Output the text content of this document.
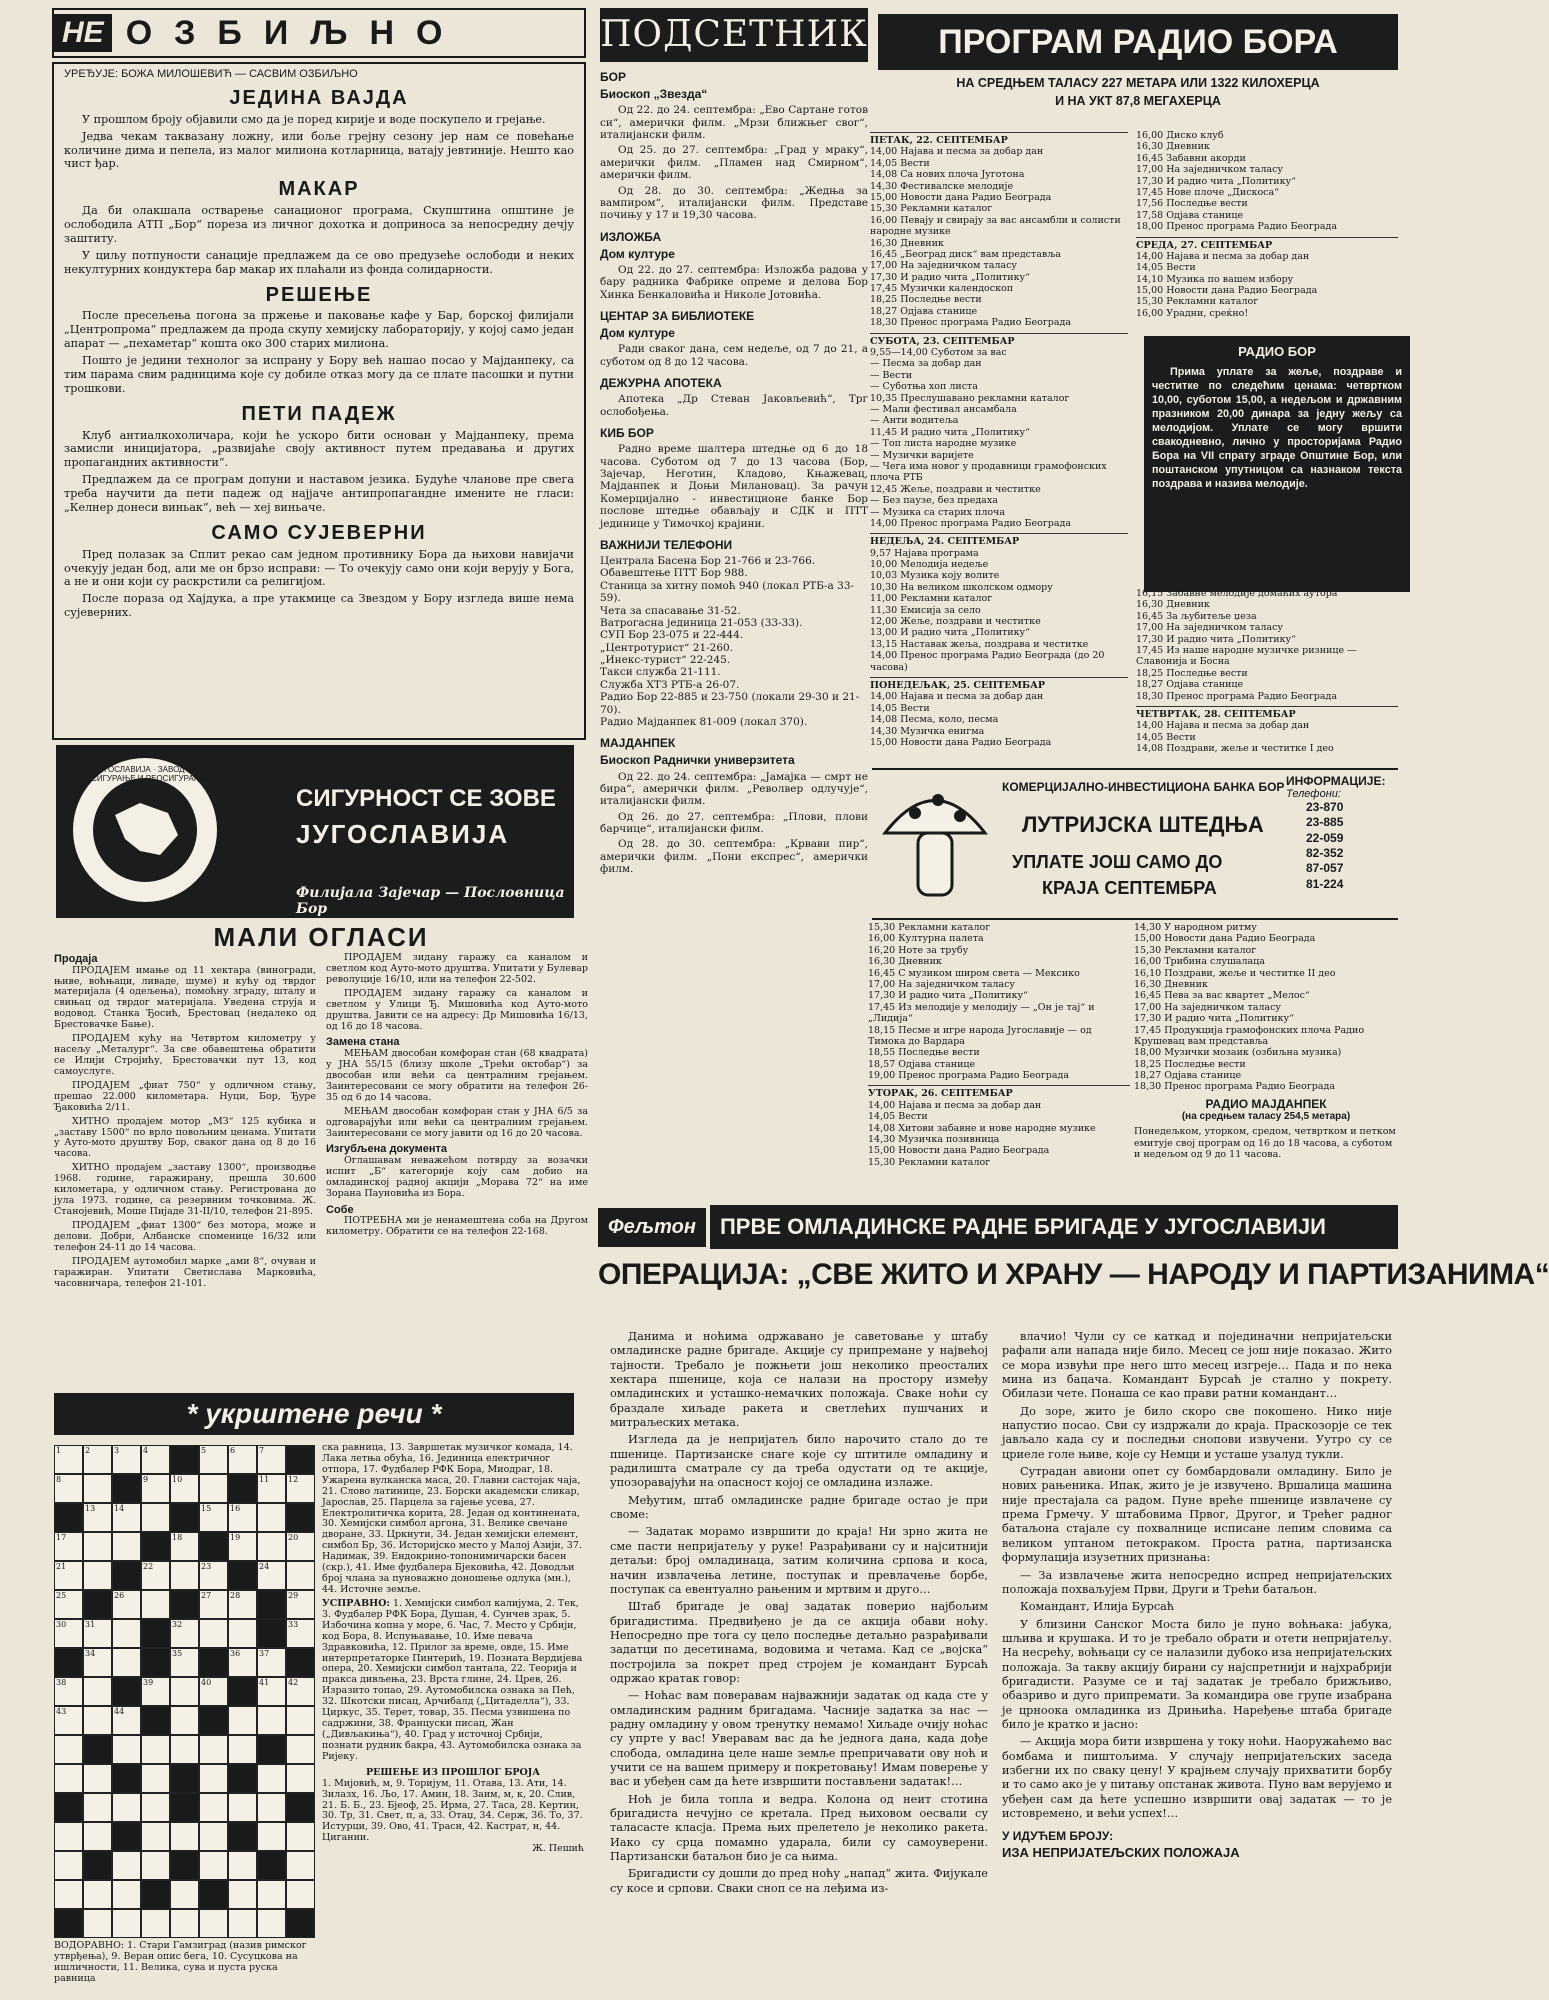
НЕ ОЗБИЉНО
УРЕЂУЈЕ: БОЖА МИЛОШЕВИЋ — САСВИМ ОЗБИЉНО
ЈЕДИНА ВАЈДА

У прошлом броју објавили смо да је поред кирије и воде поскупело и грејање.

Једва чекам таквазану ложну, или боље грејну сезону јер нам се повећање количине дима и пепела, из малог милиона котларница, ватају јевтиније. Нешто као чист ђар.

МАКАР

Да би олакшала остварење санационог програма, Скупштина општине је ослободила АТП „Бор“ пореза из личног дохотка и доприноса за непосредну дечју заштиту.

У циљу потпуности санације предлажем да се ово предузеће ослободи и неких некултурних кондуктера бар макар их плаћали из фонда солидарности.

РЕШЕЊЕ

После пресељења погона за пржење и паковање кафе у Бар, борској филијали „Центропрома“ предлажем да прода скупу хемијску лабораторију, у којој само један апарат — „пехаметар“ кошта око 300 старих милиона.

Пошто је једини технолог за испрану у Бору већ нашао посао у Мајданпеку, са тим парама свим радницима које су добиле отказ могу да се плате пасошки и путни трошкови.

ПЕТИ ПАДЕЖ

Клуб антиалкохоличара, који ће ускоро бити основан у Мајданпеку, према замисли иницијатора, „развијаће своју активност путем предавања и других пропагандних активности“.

Предлажем да се програм допуни и наставом језика. Будуће чланове пре свега треба научити да пети падеж од најјаче антипропагандне имените не гласи: „Келнер донеси виньак“, већ — хеј виньаче.

САМО СУЈЕВЕРНИ

Пред полазак за Сплит рекао сам једном противнику Бора да њихови навијачи очекују један бод, али ме он брзо исправи: — То очекују само они који верују у Бога, а не и они који су раскрстили са религијом.

После пораза од Хајдука, а пре утакмице са Звездом у Бору изгледа више нема сујеверних.

ЈУГОСЛАВИЈА · ЗАВОД ЗА ОСИГУРАЊЕ И РЕОСИГУРАЊЕ
СИГУРНОСТ СЕ ЗОВЕ
ЈУГОСЛАВИЈА
Филијала Зајечар — Пословница Бор
МАЛИ ОГЛАСИ
Продаја

ПРОДАЈЕМ имање од 11 хектара (виногради, њиве, воћњаци, ливаде, шуме) и кућу од тврдог материјала (4 одељења), помоћну зграду, шталу и свињац од тврдог материјала. Уведена струја и водовод. Станка Ђосић, Брестовац (недалеко од Брестовачке Бање).

ПРОДАЈЕМ кућу на Четвртом километру у насељу „Металург“. За све обавештења обратити се Илији Стројићу, Брестовачки пут 13, код самоуслуге.

ПРОДАЈЕМ „фиат 750“ у одличном стању, прешао 22.000 километара. Нуци, Бор, Ђуре Ђаковића 2/11.

ХИТНО продајем мотор „МЗ“ 125 кубика и „заставу 1500“ по врло повољним ценама. Упитати у Ауто-мото друштву Бор, сваког дана од 8 до 16 часова.

ХИТНО продајем „заставу 1300“, производње 1968. године, гаражирану, прешла 30.600 километара, у одличном стању. Регистрована до јула 1973. године, са резервним точковима. Ж. Станојевић, Моше Пијаде 31-II/10, телефон 21-895.

ПРОДАЈЕМ „фиат 1300“ без мотора, може и делови. Добри, Албанске споменице 16/32 или телефон 24-11 до 14 часова.

ПРОДАЈЕМ аутомобил марке „ами 8“, очуван и гаражиран. Упитати Светислава Марковића, часовничара, телефон 21-101.

ПРОДАЈЕМ зидану гаражу са каналом и светлом код Ауто-мото друштва. Упитати у Булевар револуције 16/10, или на телефон 22-502.

ПРОДАЈЕМ зидану гаражу са каналом и светлом у Улици Ђ. Мишовића код Ауто-мото друштва. Јавити се на адресу: Др Мишовића 16/13, од 16 до 18 часова.

Замена стана

МЕЊАМ двособан комфоран стан (68 квадрата) у ЈНА 55/15 (близу школе „Трећи октобар“) за двособан или већи са централним грејањем. Заинтересовани се могу обратити на телефон 26-35 од 6 до 14 часова.

МЕЊАМ двособан комфоран стан у ЈНА 6/5 за одговарајући или већи са централним грејањем. Заинтересовани се могу јавити од 16 до 20 часова.

Изгубљена документа

Оглашавам неважећом потврду за возачки испит „Б“ категорије коју сам добио на омладинској радној акцији „Морава 72“ на име Зорана Пауновића из Бора.

Собе

ПОТРЕБНА ми је ненамештена соба на Другом километру. Обратити се на телефон 22-168.

* укрштене речи *
1	2	3	4	5	6	7
8	9	10	11 12
13 14	15 16
17	18	19	20
21	22	23	24
25	26	27 28	29
30 31	32	33
34	35	36 37
38	39	40	41 42
43	44
ска равница, 13. Завршетак музичког комада, 14. Лака летња обућа, 16. Јединица електричног отпора, 17. Фудбалер РФК Бора, Миодраг, 18. Ужарена вулканска маса, 20. Главни састојак чаја, 21. Слово латинице, 23. Борски академски сликар, Јарослав, 25. Парцела за гајење усева, 27. Електролитичка корита, 28. Један од континената, 30. Хемијски симбол аргона, 31. Велике свечане дворане, 33. Цркнути, 34. Један хемијски елемент, симбол Бр, 36. Историјско место у Малој Азији, 37. Надимак, 39. Ендокрино-топонимичарски басен (скр.), 41. Име фудбалера Бјековића, 42. Доводљи број члана за пуноважно доношење одлука (мн.), 44. Источне земље.
УСПРАВНО: 1. Хемијски симбол калијума, 2. Тек, 3. Фудбалер РФК Бора, Душан, 4. Сунчев зрак, 5. Избочина копна у море, 6. Час, 7. Место у Србији, код Бора, 8. Испуњавање, 10. Име певача Здравковића, 12. Прилог за време, овде, 15. Име интерпретаторке Пинтерић, 19. Позната Вердијева опера, 20. Хемијски симбол тантала, 22. Теорија и пракса дивљења, 23. Врста глине, 24. Црев, 26. Изразито топао, 29. Аутомобилска ознака за Пећ, 32. Шкотски писац, Арчибалд („Цитаделла“), 33. Циркус, 35. Терет, товар, 35. Песма узвишена по садржини, 38. Француски писац, Жан („Дивљакиња“), 40. Град у источној Србији, познати рудник бакра, 43. Аутомобилска ознака за Ријеку.
РЕШЕЊЕ ИЗ ПРОШЛОГ БРОЈА
1. Мијовић, м, 9. Торијум, 11. Отава, 13. Ати, 14. Зилазх, 16. Љо, 17. Амин, 18. Заим, м, к, 20. Слив, 21. Б. Б., 23. Бјеоф, 25. Ирма, 27. Таса, 28. Кертин, 30. Тр, 31. Свет, п, а, 33. Отаџ, 34. Серж, 36. То, 37. Истурци, 39. Ово, 41. Трасн, 42. Кастрат, н, 44. Цигании.
Ж. Пешић
ВОДОРАВНО: 1. Стари Гамзиград (назив римског утврђења), 9. Веран опис бега, 10. Сусуцкова на ишличности, 11. Велика, сува и пуста рускa равница
ПОДСЕТНИК
БОР
Биоскоп „Звезда“

Од 22. до 24. септембра: „Ево Сартане готов си“, амерички филм. „Мрзи ближњег свог“, италијански филм.

Од 25. до 27. септембра: „Град у мраку“, амерички филм. „Пламен над Смирном“, амерички филм.

Од 28. до 30. септембра: „Жедња за вампиром“, италијански филм. Представе почињу у 17 и 19,30 часова.

ИЗЛОЖБА
Дом културе

Од 22. до 27. септембра: Изложба радова у бару радника Фабрике опреме и делова Бор Хинка Бенкаловића и Николе Јотовића.

ЦЕНТАР ЗА БИБЛИОТЕКЕ
Дом културе

Ради сваког дана, сем недеље, од 7 до 21, а суботом од 8 до 12 часова.

ДЕЖУРНА АПОТЕКА

Апотека „Др Стеван Јаковљевић“, Трг ослобођења.

КИБ БОР

Радно време шалтера штедње од 6 до 18 часова. Суботом од 7 до 13 часова (Бор, Зајечар, Неготин, Кладово, Књажевац, Мајданпек и Доњи Милановац). За рачун Комерцијално - инвестиционе банке Бор послове штедње обављају и СДК и ПТТ јединице у Тимочкој крајини.

ВАЖНИЈИ ТЕЛЕФОНИ
Централа Басена Бор 21-766 и 23-766.
Обавештење ПТТ Бор 988.
Станица за хитну помоћ 940 (локал РТБ-а 33-59).
Чета за спасавање 31-52.
Ватрогасна јединица 21-053 (33-33).
СУП Бор 23-075 и 22-444.
„Центротурист“ 21-260.
„Инекс-турист“ 22-245.
Такси служба 21-111.
Служба ХТЗ РТБ-а 26-07.
Радио Бор 22-885 и 23-750 (локали 29-30 и 21-70).
Радио Мајданпек 81-009 (локал 370).
МАЈДАНПЕК
Биоскоп Раднички универзитета

Од 22. до 24. септембра: „Јамајка — смрт не бира“, амерички филм. „Револвер одлучује“, италијански филм.

Од 26. до 27. септембра: „Плови, плови барчице“, италијански филм.

Од 28. до 30. септембра: „Крвави пир“, амерички филм. „Пони експрес“, амерички филм.

ПРОГРАМ РАДИО БОРА
НА СРЕДЊЕМ ТАЛАСУ 227 МЕТАРА ИЛИ 1322 КИЛОХЕРЦА
И НА УКТ 87,8 МЕГАХЕРЦА
ПЕТАК, 22. СЕПТЕМБАР
14,00 Најава и песма за добар дан
14,05 Вести
14,08 Са нових плоча Југотона
14,30 Фестивалске мелодије
15,00 Новости дана Радио Београда
15,30 Рекламни каталог
16,00 Певају и свирају за вас ансамбли и солисти народне музике
16,30 Дневник
16,45 „Београд диск“ вам представља
17,00 На заједничком таласу
17,30 И радио чита „Политику“
17,45 Музички календоскоп
18,25 Последње вести
18,27 Одјава станице
18,30 Пренос програма Радио Београда
СУБОТА, 23. СЕПТЕМБАР
9,55—14,00 Суботом за вас
— Песма за добар дан
— Вести
— Суботња хоп листа
10,35 Преслушавано рекламни каталог
— Мали фестивал ансамбала
— Анти водитеља
11,45 И радио чита „Политику“
— Топ листа народне музике
— Музички варијете
— Чега има новог у продавници грамофонских плоча РТБ
12,45 Жеље, поздрави и честитке
— Без паузе, без предаха
— Музика са старих плоча
14,00 Пренос програма Радио Београда
НЕДЕЉА, 24. СЕПТЕМБАР
9,57 Најава програма
10,00 Мелодија недеље
10,03 Музика коју волите
10,30 На великом школском одмору
11,00 Рекламни каталог
11,30 Емисија за село
12,00 Жеље, поздрави и честитке
13,00 И радио чита „Политику“
13,15 Наставак жеља, поздрава и честитке
14,00 Пренос програма Радио Београда (до 20 часова)
ПОНЕДЕЉАК, 25. СЕПТЕМБАР
14,00 Најава и песма за добар дан
14,05 Вести
14,08 Песма, коло, песма
14,30 Музичка енигма
15,00 Новости дана Радио Београда
16,00 Диско клуб
16,30 Дневник
16,45 Забавни акорди
17,00 На заједничком таласу
17,30 И радио чита „Политику“
17,45 Нове плоче „Дискоса“
17,56 Последње вести
17,58 Одјава станице
18,00 Пренос програма Радио Београда
СРЕДА, 27. СЕПТЕМБАР
14,00 Најава и песма за добар дан
14,05 Вести
14,10 Музика по вашем избору
15,00 Новости дана Радио Београда
15,30 Рекламни каталог
16,00 Урадни, среќно!
РАДИО БОР

Прима уплате за жеље, поздраве и честитке по следећим ценама: четвртком 10,00, суботом 15,00, а недељом и државним празником 20,00 динара за једну жељу са мелодијом. Уплате се могу вршити свакодневно, лично у просторијама Радио Бора на VII спрату зграде Општине Бор, или поштанском упутницом са назнаком текста поздрава и назива мелодије.

16,15 Забавне мелодије домаћих аутора
16,30 Дневник
16,45 За љубитеље џеза
17,00 На заједничком таласу
17,30 И радио чита „Политику“
17,45 Из наше народне музичке ризнице — Славонија и Босна
18,25 Последње вести
18,27 Одјава станице
18,30 Пренос програма Радио Београда
ЧЕТВРТАК, 28. СЕПТЕМБАР
14,00 Најава и песма за добар дан
14,05 Вести
14,08 Поздрави, жеље и честитке I део
КОМЕРЦИЈАЛНО-ИНВЕСТИЦИОНА БАНКА БОР
ЛУТРИЈСКА ШТЕДЊА
УПЛАТЕ ЈОШ САМО ДО
КРАЈА СЕПТЕМБРА
ИНФОРМАЦИЈЕ:
Телефони:
23-870
23-885
22-059
82-352
87-057
81-224
15,30 Рекламни каталог
16,00 Културна палета
16,20 Ноте за трубу
16,30 Дневник
16,45 С музиком широм света — Мексико
17,00 На заједничком таласу
17,30 И радио чита „Политику“
17,45 Из мелодије у мелодију — „Он је тај“ и „Лидија“
18,15 Песме и игре народа Југославије — од Тимока до Вардара
18,55 Последње вести
18,57 Одјава станице
19,00 Пренос програма Радио Београда
УТОРАК, 26. СЕПТЕМБАР
14,00 Најава и песма за добар дан
14,05 Вести
14,08 Хитови забавне и нове народне музике
14,30 Музичка позивница
15,00 Новости дана Радио Београда
15,30 Рекламни каталог
14,30 У народном ритму
15,00 Новости дана Радио Београда
15,30 Рекламни каталог
16,00 Трибина слушалаца
16,10 Поздрави, жеље и честитке II део
16,30 Дневник
16,45 Пева за вас квартет „Мелос“
17,00 На заједничком таласу
17,30 И радио чита „Политику“
17,45 Продукција грамофонских плоча Радио Крушевац вам представља
18,00 Музички мозаик (озбиљна музика)
18,25 Последње вести
18,27 Одјава станице
18,30 Пренос програма Радио Београда
РАДИО МАЈДАНПЕК
(на средњем таласу 254,5 метара)
Понедељком, уторком, средом, четвртком и петком емитује свој програм од 16 до 18 часова, а суботом и недељом од 9 до 11 часова.
Фељтон	ПРВЕ ОМЛАДИНСКЕ РАДНЕ БРИГАДЕ У ЈУГОСЛАВИЈИ
ОПЕРАЦИЈА: „СВЕ ЖИТО И ХРАНУ — НАРОДУ И ПАРТИЗАНИМА“

Данима и ноћима одржавано је саветовање у штабу омладинске радне бригаде. Акције су припремане у највећој тајности. Требало је пожњети још неколико преосталих хектара пшенице, која се налази на простору између омладинских и усташко-немачких положаја. Сваке ноћи су браздале хиљаде ракета и светлећих пушчаних и митраљеских метака.

Изгледа да је непријатељ било нарочито стало до те пшенице. Партизанске снаге које су штитиле омладину и радилишта сматрале су да треба одустати од те акције, упозоравајући на опасност којој се омладина излаже.

Међутим, штаб омладинске радне бригаде остао је при своме:

— Задатак морамо извршити до краја! Ни зрно жита не сме пасти непријатељу у руке! Разрађивани су и најситнији детаљи: број омладинаца, затим количина српова и коса, начин извлачења летине, поступак и превлачење борбе, поступак са евентуално рањеним и мртвим и друго…

Штаб бригаде је овај задатак поверио најбољим бригадистима. Предвиђено је да се акција обави ноћу. Непосредно пре тога су цело последње детаљно разрађивали задатци по десетинама, водовима и четама. Кад се „војска“ постројила за покрет пред стројем је командант Бурсаћ одржао кратак говор:

— Ноћас вам поверавам најважнији задатак од када сте у омладинским радним бригадама. Часније задатка за нас — радну омладину у овом тренутку немамо! Хиљаде очију ноћас су упрте у вас! Уверавам вас да ће једнога дана, када дође слобода, омладина целе наше земље препричавати ову ноћ и учити се на вашем примеру и покретовању! Имам поверење у вас и убеђен сам да ћете извршити постављени задатак!…

Ноћ је била топла и ведра. Колона од неит стотина бригадиста нечујно се кретала. Пред њиховом оесвали су таласасте класја. Према њих прелетело је неколико ракета. Иако су срца помамно ударала, били су самоуверени. Партизански батаљон био је са њима.

Бригадисти су дошли до пред ноћу „напад“ жита. Фијукале су косе и српови. Сваки сноп се на леђима из-

влачио! Чули су се каткад и појединачни непријатељски рафали али напада није било. Месец се још није показао. Жито се мора извући пре него што месец изгреје… Пада и по нека мина из бацача. Командант Бурсаћ је стално у покрету. Обилази чете. Понаша се као прави ратни командант…

До зоре, жито је било скоро све покошено. Нико није напустио посао. Сви су издржали до краја. Праскозорје се тек јављало када су и последњи снопови извучени. Уутро су се цриеле голе њиве, које су Немци и усташе узалуд тукли.

Сутрадан авиони опет су бомбардовали омладину. Било је нових рањеника. Ипак, жито је је извучено. Вршалица машина није престајала са радом. Пуне вреће пшенице извлачене су према Грмечу. У штабовима Првог, Другог, и Трећег радног батаљона стајале су похвалнице исписане лепим словима са великом уптаном петокраком. Проста ратна, партизанска формулација изузетних признања:

— За извлачење жита непосредно испред непријатељских положаја похваљујем Први, Други и Трећи батаљон.

Командант, Илија Бурсаћ

У близини Санског Моста било је пуно воћњака: јабука, шљива и крушака. И то је требало обрати и отети непријатељу. На несрећу, воћњаци су се налазили дубоко иза непријатељских положаја. За такву акцију бирани су најспретнији и најхрабрији бригадисти. Разуме се и тај задатак је требало брижљиво, обазриво и дуго припремати. За командира ове групе изабрана је црноока омладинка из Дрињића. Наређење штаба бригаде било је кратко и јасно:

— Акција мора бити извршена у току ноћи. Наоружаћемо вас бомбама и пиштољима. У случају непријатељских заседа избегни их по сваку цену! У крајњем случају прихватити борбу и то само ако је у питању опстанак живота. Пуно вам верујемо и убеђен сам да ћете успешно извршити овај задатак — то је истовремено, и већи успех!…

У ИДУЋЕМ БРОЈУ:
ИЗА НЕПРИЈАТЕЉСКИХ ПОЛОЖАЈА
